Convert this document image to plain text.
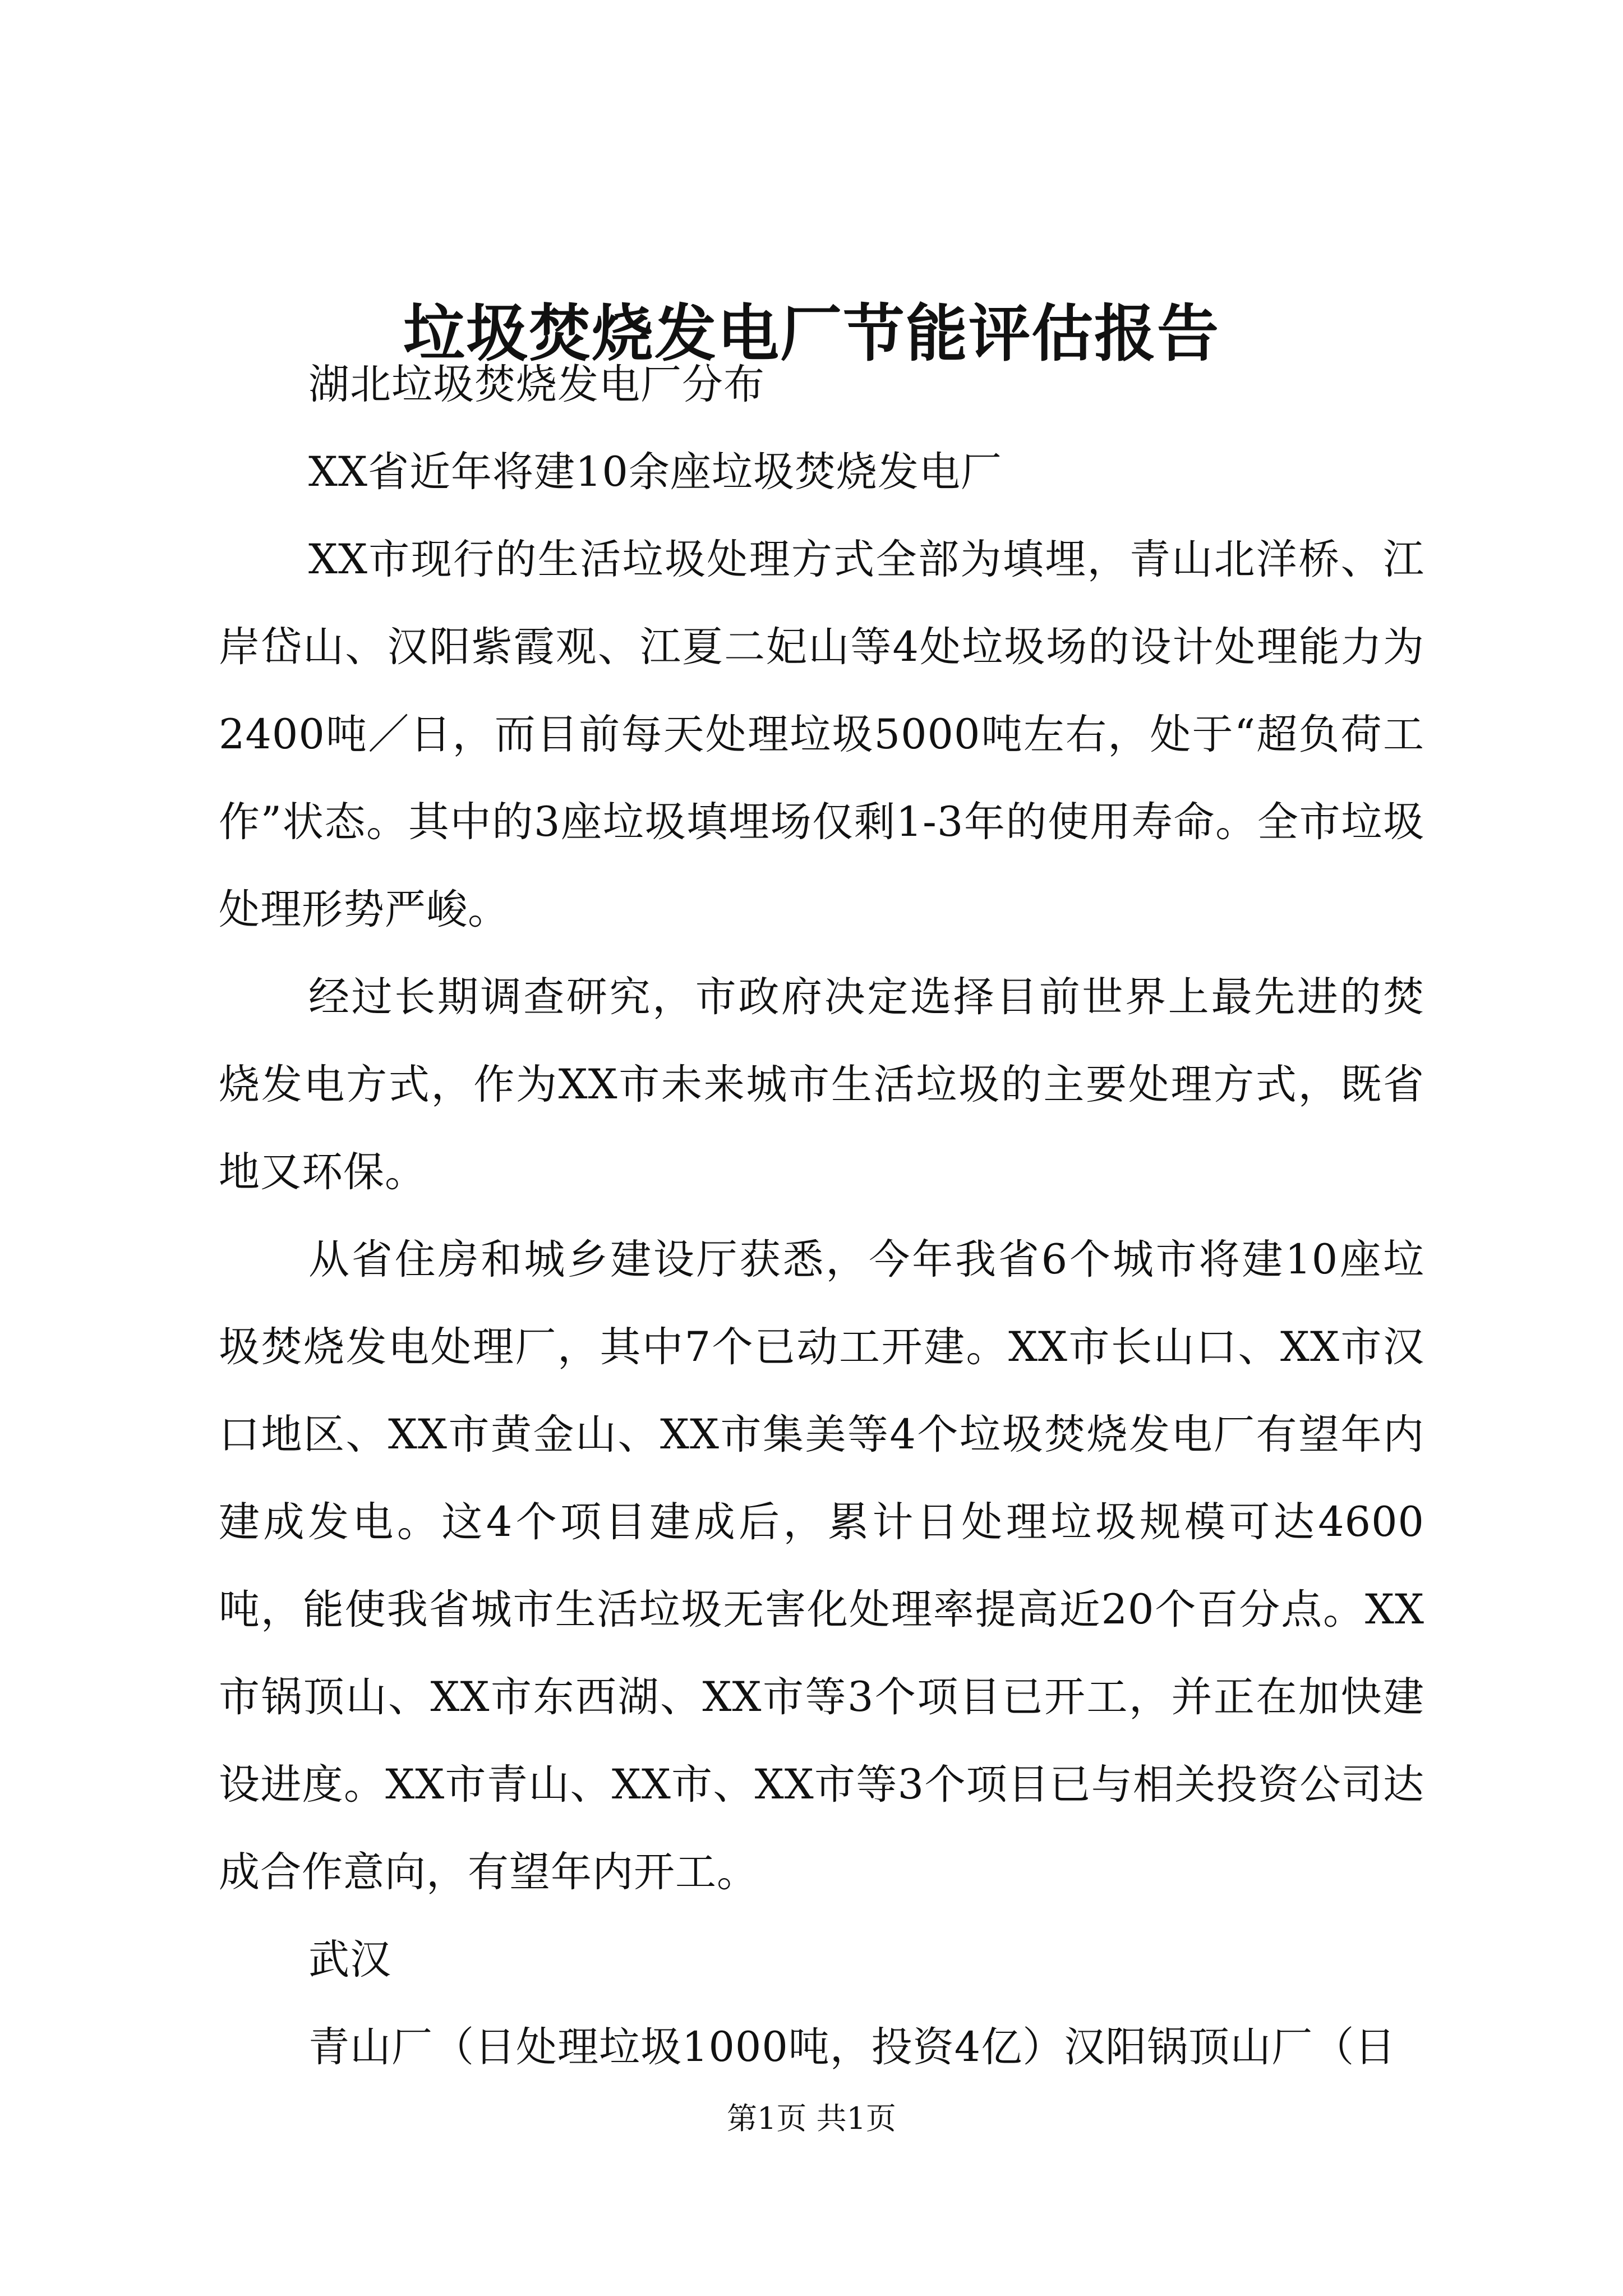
垃圾焚烧发电厂节能评估报告

湖北垃圾焚烧发电厂分布

XX省近年将建10余座垃圾焚烧发电厂

XX市现行的生活垃圾处理方式全部为填埋，青山北洋桥、江岸岱山、汉阳紫霞观、江夏二妃山等4处垃圾场的设计处理能力为2400吨／日，而目前每天处理垃圾5000吨左右，处于“超负荷工作”状态。其中的3座垃圾填埋场仅剩1-3年的使用寿命。全市垃圾处理形势严峻。

经过长期调查研究，市政府决定选择目前世界上最先进的焚烧发电方式，作为XX市未来城市生活垃圾的主要处理方式，既省地又环保。

从省住房和城乡建设厅获悉，今年我省6个城市将建10座垃圾焚烧发电处理厂，其中7个已动工开建。XX市长山口、XX市汉口地区、XX市黄金山、XX市集美等4个垃圾焚烧发电厂有望年内建成发电。这4个项目建成后，累计日处理垃圾规模可达4600吨，能使我省城市生活垃圾无害化处理率提高近20个百分点。XX市锅顶山、XX市东西湖、XX市等3个项目已开工，并正在加快建设进度。XX市青山、XX市、XX市等3个项目已与相关投资公司达成合作意向，有望年内开工。

武汉

青山厂（日处理垃圾1000吨，投资4亿）汉阳锅顶山厂（日

第1页 共1页
